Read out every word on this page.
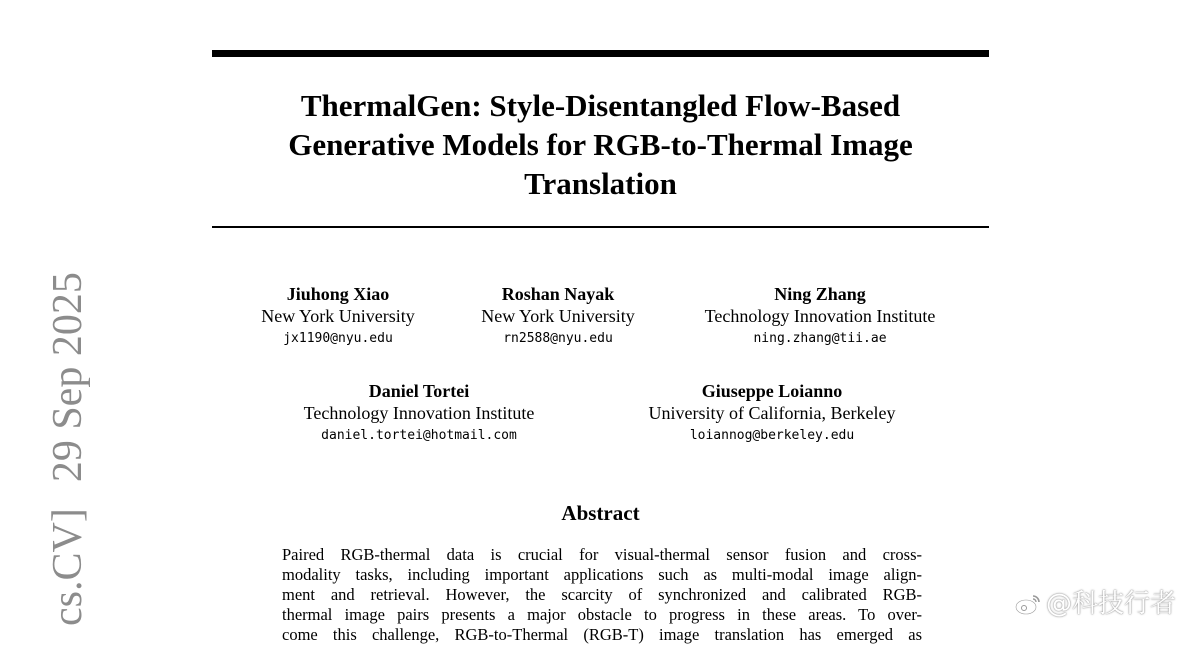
ThermalGen: Style-Disentangled Flow-Based
Generative Models for RGB-to-Thermal Image
Translation
Jiuhong Xiao
New York University
jx1190@nyu.edu
Roshan Nayak
New York University
rn2588@nyu.edu
Ning Zhang
Technology Innovation Institute
ning.zhang@tii.ae
Daniel Tortei
Technology Innovation Institute
daniel.tortei@hotmail.com
Giuseppe Loianno
University of California, Berkeley
loiannog@berkeley.edu
Abstract
Paired RGB-thermal data is crucial for visual-thermal sensor fusion and cross-
modality tasks, including important applications such as multi-modal image align-
ment and retrieval. However, the scarcity of synchronized and calibrated RGB-
thermal image pairs presents a major obstacle to progress in these areas. To over-
come this challenge, RGB-to-Thermal (RGB-T) image translation has emerged as
cs.CV]29 Sep 2025
@科技行者
